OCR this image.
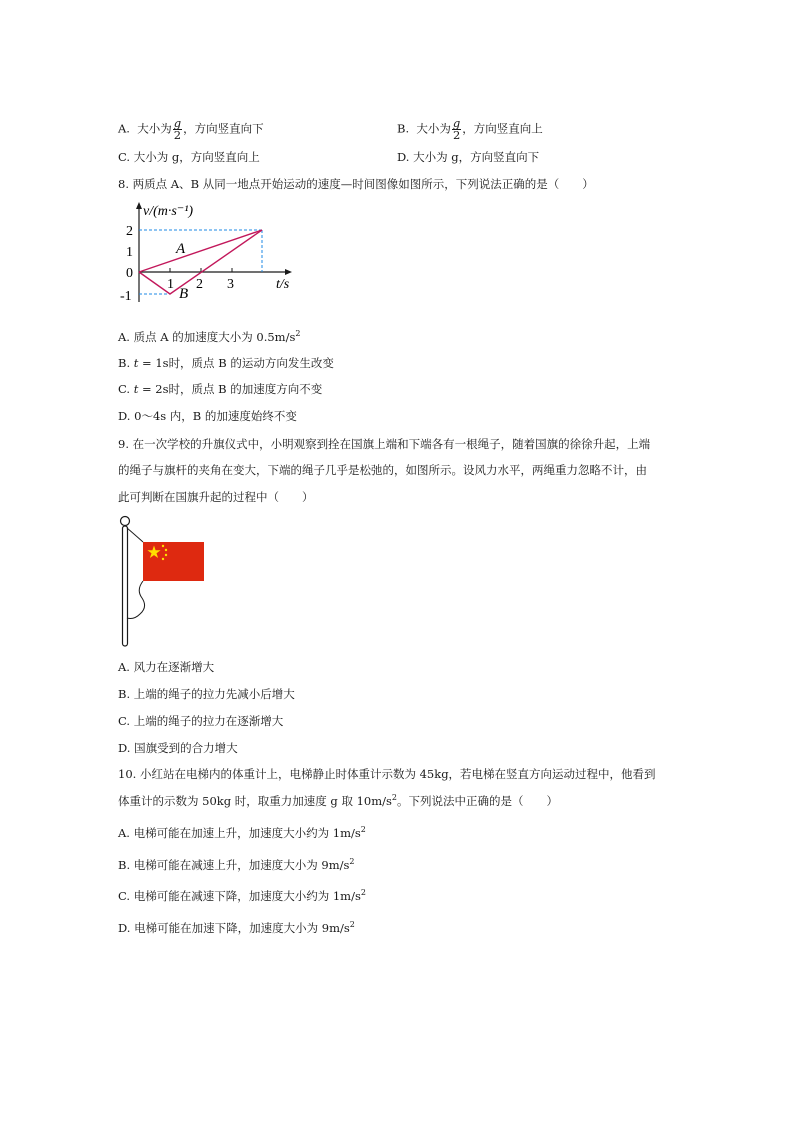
A. 大小为 $\frac{g}{2}$ ，方向竖直向下	B. 大小为 $\frac{g}{2}$ ，方向竖直向上
C. 大小为 g，方向竖直向上	D. 大小为 g，方向竖直向下
8. 两质点 A、B 从同一地点开始运动的速度—时间图像如图所示，下列说法正确的是（　　）
v/(m·s⁻¹)
t/s
2
1
0
-1
1 2 3
A
B
A. 质点 A 的加速度大小为 $0.5m/s^2$
B. t = 1s时，质点 B 的运动方向发生改变
C. t = 2s时，质点 B 的加速度方向不变
D. 0～4s 内，B 的加速度始终不变
9. 在一次学校的升旗仪式中，小明观察到拴在国旗上端和下端各有一根绳子，随着国旗的徐徐升起，上端
的绳子与旗杆的夹角在变大，下端的绳子几乎是松弛的，如图所示。设风力水平，两绳重力忽略不计，由
此可判断在国旗升起的过程中（　　）
A. 风力在逐渐增大
B. 上端的绳子的拉力先减小后增大
C. 上端的绳子的拉力在逐渐增大
D. 国旗受到的合力增大
10. 小红站在电梯内的体重计上，电梯静止时体重计示数为 45kg，若电梯在竖直方向运动过程中，他看到
体重计的示数为 50kg 时，取重力加速度 g 取 $10m/s^2$。下列说法中正确的是（　　）
A. 电梯可能在加速上升，加速度大小约为 $1m/s^2$
B. 电梯可能在减速上升，加速度大小为 $9m/s^2$
C. 电梯可能在减速下降，加速度大小约为 $1m/s^2$
D. 电梯可能在加速下降，加速度大小为 $9m/s^2$
